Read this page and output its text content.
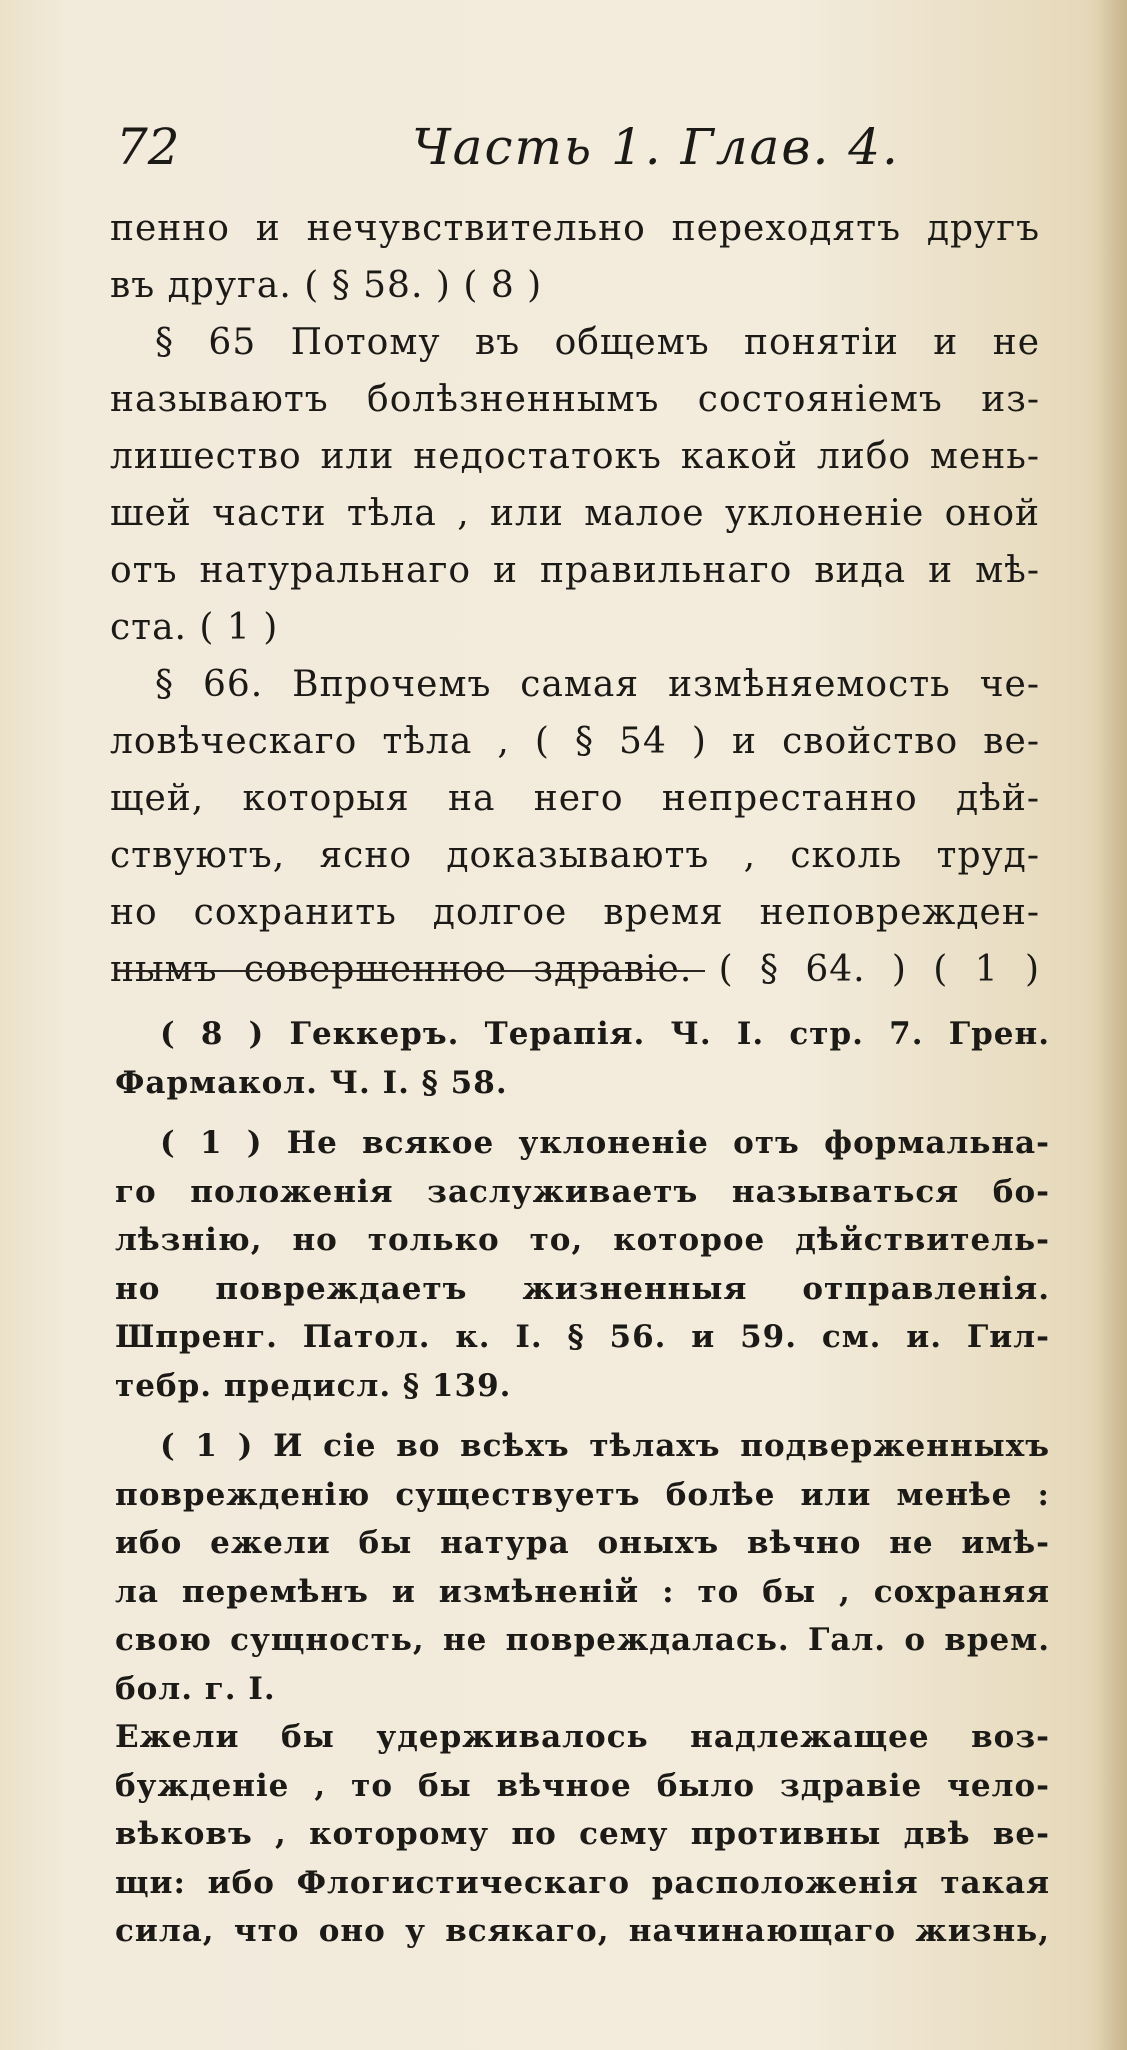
72	Часть 1. Глав. 4.

пенно и нечувствительно переходятъ другъ

въ друга. ( § 58. ) ( 8 )

§ 65 Потому въ общемъ понятiи и не

называютъ болѣзненнымъ состоянiемъ из-

лишество или недостатокъ какой либо мень-

шей части тѣла , или малое уклоненiе оной

отъ натуральнаго и правильнаго вида и мѣ-

ста. ( 1 )

§ 66. Впрочемъ самая измѣняемость че-

ловѣческаго тѣла , ( § 54 ) и свойство ве-

щей, которыя на него непрестанно дѣй-

ствуютъ, ясно доказываютъ , сколь труд-

но сохранить долгое время неповрежден-

нымъ совершенное здравiе. ( § 64. ) ( 1 )

( 8 ) Геккеръ. Терапiя. Ч. I. стр. 7. Грен.

Фармакол. Ч. I. § 58.

( 1 ) Не всякое уклоненiе отъ формальна-

го положенiя заслуживаетъ называться бо-

лѣзнiю, но только то, которое дѣйствитель-

но повреждаетъ жизненныя отправленiя.

Шпренг. Патол. к. I. § 56. и 59. см. и. Гил-

тебр. предисл. § 139.

( 1 ) И сiе во всѣхъ тѣлахъ подверженныхъ

поврежденiю существуетъ болѣе или менѣе :

ибо ежели бы натура оныхъ вѣчно не имѣ-

ла перемѣнъ и измѣненiй : то бы , сохраняя

свою сущность, не повреждалась. Гал. о врем.

бол. г. I.

Ежели бы удерживалось надлежащее воз-

бужденiе , то бы вѣчное было здравiе чело-

вѣковъ , которому по сему противны двѣ ве-

щи: ибо Флогистическаго расположенiя такая

сила, что оно у всякаго, начинающаго жизнь,
